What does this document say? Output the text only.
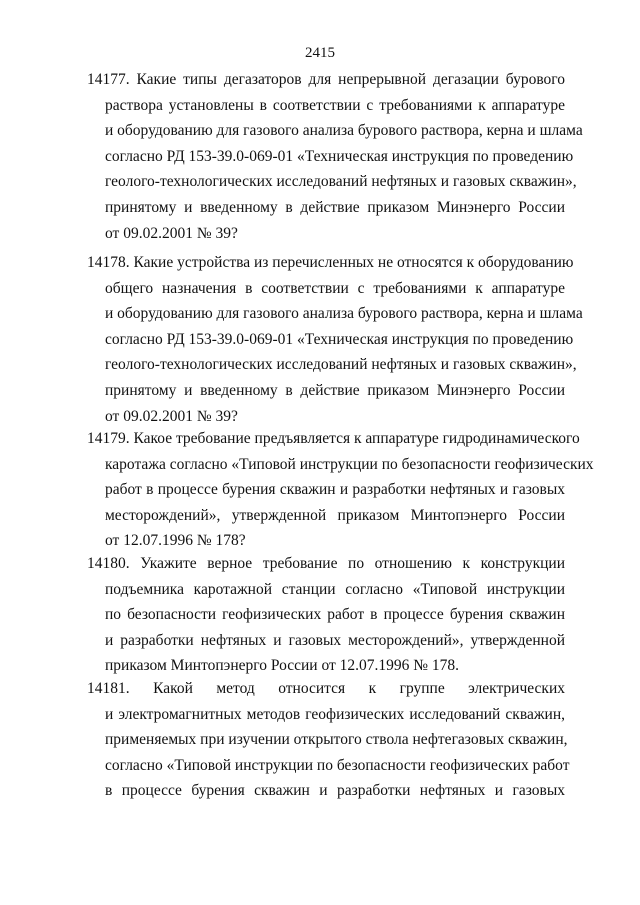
2415
14177. Какие типы дегазаторов для непрерывной дегазации бурового
раствора установлены в соответствии с требованиями к аппаратуре
и оборудованию для газового анализа бурового раствора, керна и шлама
согласно РД 153-39.0-069-01 «Техническая инструкция по проведению
геолого-технологических исследований нефтяных и газовых скважин»,
принятому и введенному в действие приказом Минэнерго России
от 09.02.2001 № 39?
14178. Какие устройства из перечисленных не относятся к оборудованию
общего назначения в соответствии с требованиями к аппаратуре
и оборудованию для газового анализа бурового раствора, керна и шлама
согласно РД 153-39.0-069-01 «Техническая инструкция по проведению
геолого-технологических исследований нефтяных и газовых скважин»,
принятому и введенному в действие приказом Минэнерго России
от 09.02.2001 № 39?
14179. Какое требование предъявляется к аппаратуре гидродинамического
каротажа согласно «Типовой инструкции по безопасности геофизических
работ в процессе бурения скважин и разработки нефтяных и газовых
месторождений», утвержденной приказом Минтопэнерго России
от 12.07.1996 № 178?
14180. Укажите верное требование по отношению к конструкции
подъемника каротажной станции согласно «Типовой инструкции
по безопасности геофизических работ в процессе бурения скважин
и разработки нефтяных и газовых месторождений», утвержденной
приказом Минтопэнерго России от 12.07.1996 № 178.
14181. Какой метод относится к группе электрических
и электромагнитных методов геофизических исследований скважин,
применяемых при изучении открытого ствола нефтегазовых скважин,
согласно «Типовой инструкции по безопасности геофизических работ
в процессе бурения скважин и разработки нефтяных и газовых
